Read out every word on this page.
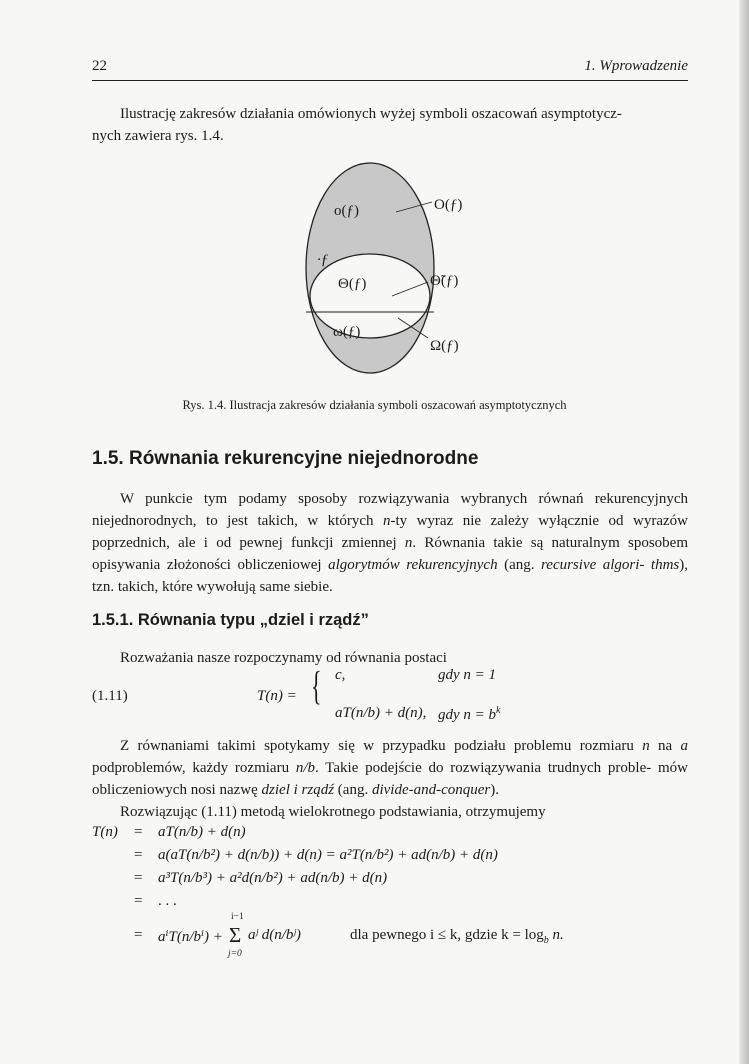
22	1. Wprowadzenie
Ilustrację zakresów działania omówionych wyżej symboli oszacowań asymptotycz-
nych zawiera rys. 1.4.
o(ƒ)	O(ƒ)
·ƒ
Θ(ƒ)	Θ̃(ƒ)
ω(ƒ)
Ω(ƒ)
Rys. 1.4. Ilustracja zakresów działania symboli oszacowań asymptotycznych
1.5. Równania rekurencyjne niejednorodne
W punkcie tym podamy sposoby rozwiązywania wybranych równań rekurencyjnych niejednorodnych, to jest takich, w których n-ty wyraz nie zależy wyłącznie od wyrazów poprzednich, ale i od pewnej funkcji zmiennej n. Równania takie są naturalnym sposobem opisywania złożoności obliczeniowej algorytmów rekurencyjnych (ang. recursive algori- thms), tzn. takich, które wywołują same siebie.
1.5.1. Równania typu „dziel i rządź”
Rozważania nasze rozpoczynamy od równania postaci
(1.11)	T(n) = { c,	gdy n = 1
aT(n/b) + d(n), gdy $n = b^k$
Z równaniami takimi spotykamy się w przypadku podziału problemu rozmiaru n na a podproblemów, każdy rozmiaru n/b. Takie podejście do rozwiązywania trudnych proble- mów obliczeniowych nosi nazwę dziel i rządź (ang. divide-and-conquer).
Rozwiązując (1.11) metodą wielokrotnego podstawiania, otrzymujemy
T(n) = aT(n/b) + d(n)
= a(aT(n/b²) + d(n/b)) + d(n) = a²T(n/b²) + ad(n/b) + d(n)
= a³T(n/b³) + a²d(n/b²) + ad(n/b) + d(n)
= . . .
= aⁱT(n/bⁱ) +
i−1
Σ
j=0
aʲ d(n/bʲ)	dla pewnego i ≤ k, gdzie $k = \log_b n$.
